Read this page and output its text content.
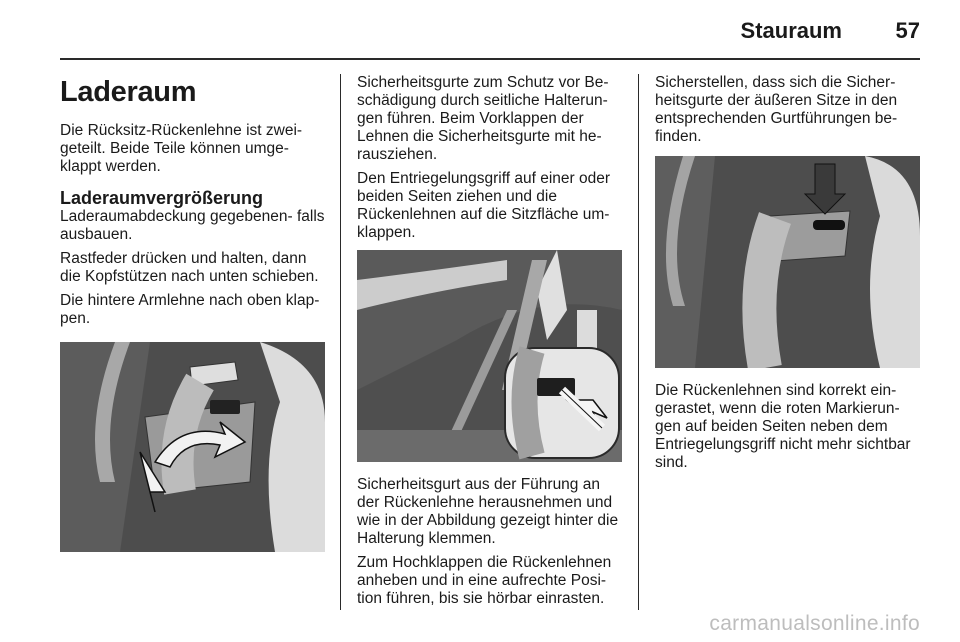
Stauraum 57
Laderaum

Die Rücksitz-Rückenlehne ist zwei- geteilt. Beide Teile können umge- klappt werden.

Laderaumvergrößerung

Laderaumabdeckung gegebenen- falls ausbauen.

Rastfeder drücken und halten, dann die Kopfstützen nach unten schieben.

Die hintere Armlehne nach oben klap- pen.

Sicherheitsgurte zum Schutz vor Be- schädigung durch seitliche Halterun- gen führen. Beim Vorklappen der Lehnen die Sicherheitsgurte mit he- rausziehen.

Den Entriegelungsgriff auf einer oder beiden Seiten ziehen und die Rückenlehnen auf die Sitzfläche um- klappen.

Sicherheitsgurt aus der Führung an der Rückenlehne herausnehmen und wie in der Abbildung gezeigt hinter die Halterung klemmen.

Zum Hochklappen die Rückenlehnen anheben und in eine aufrechte Posi- tion führen, bis sie hörbar einrasten.

Sicherstellen, dass sich die Sicher- heitsgurte der äußeren Sitze in den entsprechenden Gurtführungen be- finden.

Die Rückenlehnen sind korrekt ein- gerastet, wenn die roten Markierun- gen auf beiden Seiten neben dem Entriegelungsgriff nicht mehr sichtbar sind.

carmanualsonline.info
